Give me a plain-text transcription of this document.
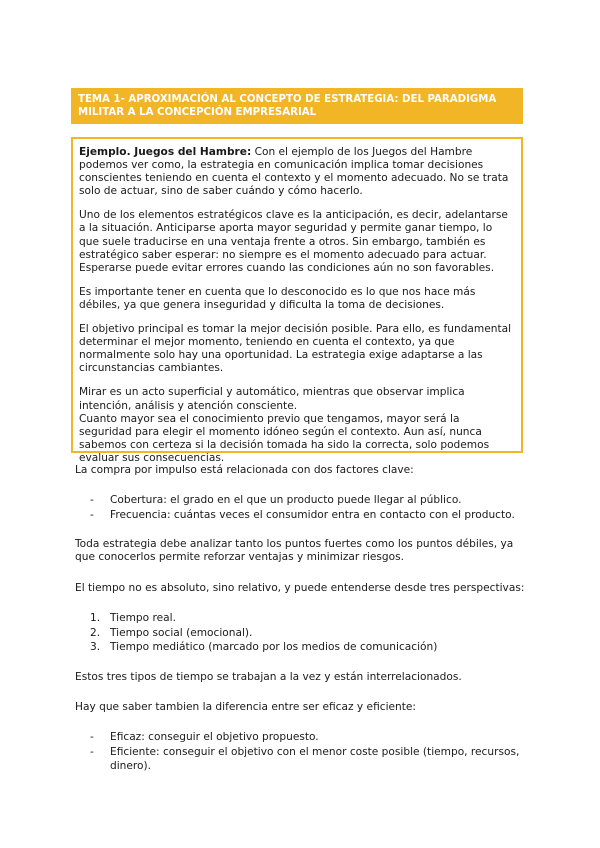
TEMA 1- APROXIMACIÓN AL CONCEPTO DE ESTRATEGIA: DEL PARADIGMA MILITAR A LA CONCEPCIÓN EMPRESARIAL

Ejemplo. Juegos del Hambre: Con el ejemplo de los Juegos del Hambre podemos ver como, la estrategia en comunicación implica tomar decisiones conscientes teniendo en cuenta el contexto y el momento adecuado. No se trata solo de actuar, sino de saber cuándo y cómo hacerlo.

Uno de los elementos estratégicos clave es la anticipación, es decir, adelantarse a la situación. Anticiparse aporta mayor seguridad y permite ganar tiempo, lo que suele traducirse en una ventaja frente a otros. Sin embargo, también es estratégico saber esperar: no siempre es el momento adecuado para actuar. Esperarse puede evitar errores cuando las condiciones aún no son favorables.

Es importante tener en cuenta que lo desconocido es lo que nos hace más débiles, ya que genera inseguridad y dificulta la toma de decisiones.

El objetivo principal es tomar la mejor decisión posible. Para ello, es fundamental determinar el mejor momento, teniendo en cuenta el contexto, ya que normalmente solo hay una oportunidad. La estrategia exige adaptarse a las circunstancias cambiantes.

Mirar es un acto superficial y automático, mientras que observar implica intención, análisis y atención consciente.

Cuanto mayor sea el conocimiento previo que tengamos, mayor será la seguridad para elegir el momento idóneo según el contexto. Aun así, nunca sabemos con certeza si la decisión tomada ha sido la correcta, solo podemos evaluar sus consecuencias.

La compra por impulso está relacionada con dos factores clave:
-	Cobertura: el grado en el que un producto puede llegar al público.
-	Frecuencia: cuántas veces el consumidor entra en contacto con el producto.
Toda estrategia debe analizar tanto los puntos fuertes como los puntos débiles, ya que conocerlos permite reforzar ventajas y minimizar riesgos.
El tiempo no es absoluto, sino relativo, y puede entenderse desde tres perspectivas:
1. Tiempo real.
2. Tiempo social (emocional).
3. Tiempo mediático (marcado por los medios de comunicación)
Estos tres tipos de tiempo se trabajan a la vez y están interrelacionados.
Hay que saber tambien la diferencia entre ser eficaz y eficiente:
-	Eficaz: conseguir el objetivo propuesto.
-	Eficiente: conseguir el objetivo con el menor coste posible (tiempo, recursos, dinero).
